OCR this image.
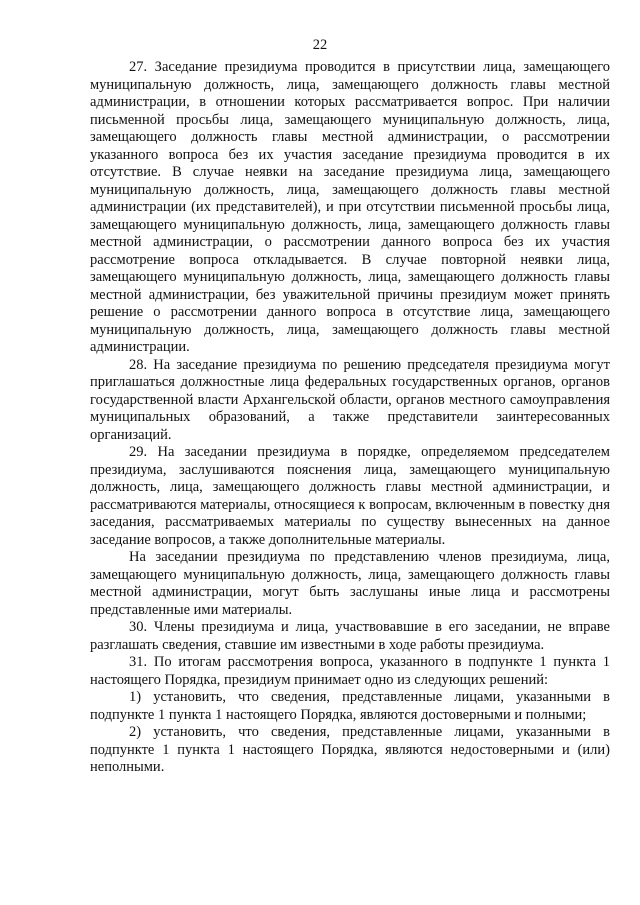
22

27. Заседание президиума проводится в присутствии лица, замещающего муниципальную должность, лица, замещающего должность главы местной администрации, в отношении которых рассматривается вопрос. При наличии письменной просьбы лица, замещающего муниципальную должность, лица, замещающего должность главы местной администрации, о рассмотрении указанного вопроса без их участия заседание президиума проводится в их отсутствие. В случае неявки на заседание президиума лица, замещающего муниципальную должность, лица, замещающего должность главы местной администрации (их представителей), и при отсутствии письменной просьбы лица, замещающего муниципальную должность, лица, замещающего должность главы местной администрации, о рассмотрении данного вопроса без их участия рассмотрение вопроса откладывается. В случае повторной неявки лица, замещающего муниципальную должность, лица, замещающего должность главы местной администрации, без уважительной причины президиум может принять решение о рассмотрении данного вопроса в отсутствие лица, замещающего муниципальную должность, лица, замещающего должность главы местной администрации.

28. На заседание президиума по решению председателя президиума могут приглашаться должностные лица федеральных государственных органов, органов государственной власти Архангельской области, органов местного самоуправления муниципальных образований, а также представители заинтересованных организаций.

29. На заседании президиума в порядке, определяемом председателем президиума, заслушиваются пояснения лица, замещающего муниципальную должность, лица, замещающего должность главы местной администрации, и рассматриваются материалы, относящиеся к вопросам, включенным в повестку дня заседания, рассматриваемых материалы по существу вынесенных на данное заседание вопросов, а также дополнительные материалы.

На заседании президиума по представлению членов президиума, лица, замещающего муниципальную должность, лица, замещающего должность главы местной администрации, могут быть заслушаны иные лица и рассмотрены представленные ими материалы.

30. Члены президиума и лица, участвовавшие в его заседании, не вправе разглашать сведения, ставшие им известными в ходе работы президиума.

31. По итогам рассмотрения вопроса, указанного в подпункте 1 пункта 1 настоящего Порядка, президиум принимает одно из следующих решений:

1) установить, что сведения, представленные лицами, указанными в подпункте 1 пункта 1 настоящего Порядка, являются достоверными и полными;

2) установить, что сведения, представленные лицами, указанными в подпункте 1 пункта 1 настоящего Порядка, являются недостоверными и (или) неполными.
